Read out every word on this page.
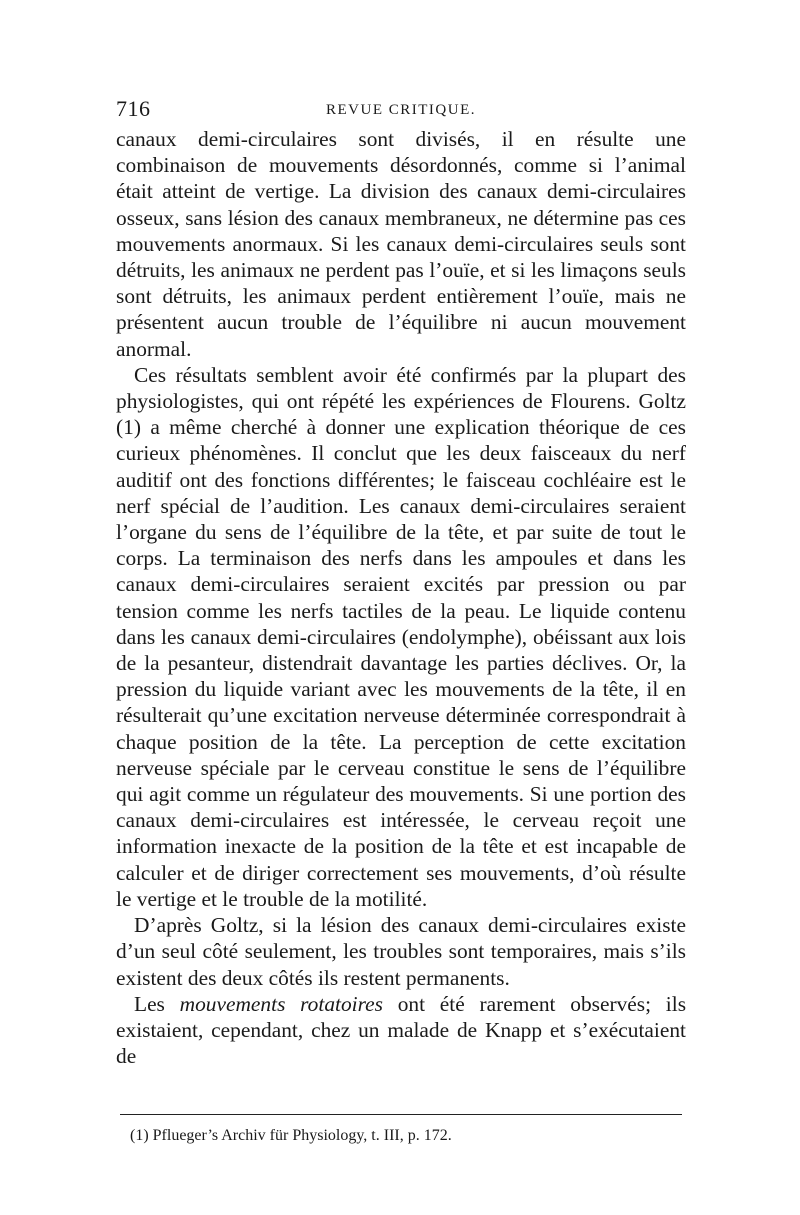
716	REVUE CRITIQUE.

canaux demi-circulaires sont divisés, il en résulte une combinaison de mouvements désordonnés, comme si l’animal était atteint de vertige. La division des canaux demi-circulaires osseux, sans lésion des canaux membraneux, ne détermine pas ces mouvements anormaux. Si les canaux demi-circulaires seuls sont détruits, les animaux ne perdent pas l’ouïe, et si les limaçons seuls sont détruits, les animaux perdent entièrement l’ouïe, mais ne présentent aucun trouble de l’équilibre ni aucun mouvement anormal.

Ces résultats semblent avoir été confirmés par la plupart des physiologistes, qui ont répété les expériences de Flourens. Goltz (1) a même cherché à donner une explication théorique de ces curieux phénomènes. Il conclut que les deux faisceaux du nerf auditif ont des fonctions différentes; le faisceau cochléaire est le nerf spécial de l’audition. Les canaux demi-circulaires seraient l’organe du sens de l’équilibre de la tête, et par suite de tout le corps. La terminaison des nerfs dans les ampoules et dans les canaux demi-circulaires seraient excités par pression ou par tension comme les nerfs tactiles de la peau. Le liquide contenu dans les canaux demi-circulaires (endolymphe), obéissant aux lois de la pesanteur, distendrait davantage les parties déclives. Or, la pression du liquide variant avec les mouvements de la tête, il en résulterait qu’une excitation nerveuse déterminée correspondrait à chaque position de la tête. La perception de cette excitation nerveuse spéciale par le cerveau constitue le sens de l’équilibre qui agit comme un régulateur des mouvements. Si une portion des canaux demi-circulaires est intéressée, le cerveau reçoit une information inexacte de la position de la tête et est incapable de calculer et de diriger correctement ses mouvements, d’où résulte le vertige et le trouble de la motilité.

D’après Goltz, si la lésion des canaux demi-circulaires existe d’un seul côté seulement, les troubles sont temporaires, mais s’ils existent des deux côtés ils restent permanents.

Les mouvements rotatoires ont été rarement observés; ils existaient, cependant, chez un malade de Knapp et s’exécutaient de

(1) Pflueger’s Archiv für Physiology, t. III, p. 172.
